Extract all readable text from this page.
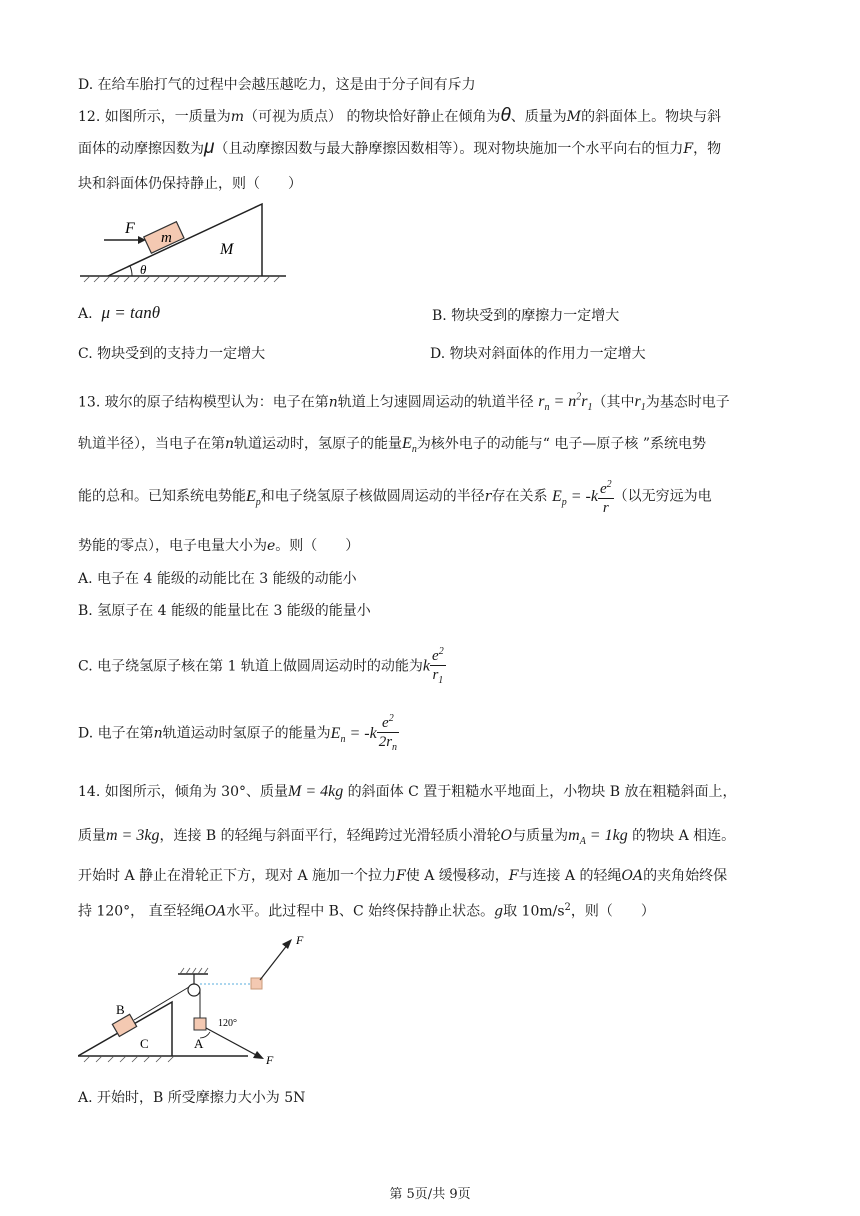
D. 在给车胎打气的过程中会越压越吃力，这是由于分子间有斥力
12. 如图所示，一质量为m（可视为质点） 的物块恰好静止在倾角为θ、质量为M的斜面体上。物块与斜
面体的动摩擦因数为μ（且动摩擦因数与最大静摩擦因数相等）。现对物块施加一个水平向右的恒力F，物
块和斜面体仍保持静止，则（　　）
F
m
M
θ
A. μ = tanθ	B. 物块受到的摩擦力一定增大
C. 物块受到的支持力一定增大	D. 物块对斜面体的作用力一定增大
13. 玻尔的原子结构模型认为：电子在第n轨道上匀速圆周运动的轨道半径 $r_n = n^2r_1$（其中$r_1$为基态时电子
轨道半径），当电子在第n轨道运动时，氢原子的能量$E_n$为核外电子的动能与“ 电子—原子核 ”系统电势
能的总和。已知系统电势能$E_p$和电子绕氢原子核做圆周运动的半径r存在关系 $E_p = -k \frac{e^2}{r}$ （以无穷远为电
势能的零点），电子电量大小为e。则（　　）
A. 电子在 4 能级的动能比在 3 能级的动能小
B. 氢原子在 4 能级的能量比在 3 能级的能量小
C. 电子绕氢原子核在第 1 轨道上做圆周运动时的动能为k $\frac{e^2}{r_1}$
D. 电子在第n轨道运动时氢原子的能量为$E_n = -k \frac{e^2}{2r_n}$
14. 如图所示，倾角为 30°、质量M = 4kg 的斜面体 C 置于粗糙水平地面上，小物块 B 放在粗糙斜面上，
质量m = 3kg，连接 B 的轻绳与斜面平行，轻绳跨过光滑轻质小滑轮O与质量为$m_A = 1kg$ 的物块 A 相连。
开始时 A 静止在滑轮正下方，现对 A 施加一个拉力F使 A 缓慢移动，F与连接 A 的轻绳OA的夹角始终保
持 120°， 直至轻绳OA水平。此过程中 B、C 始终保持静止状态。g取 $10m/s^2$，则（　　）
F
F
B
C	A
120°
A. 开始时，B 所受摩擦力大小为 5N
第 5页/共 9页
